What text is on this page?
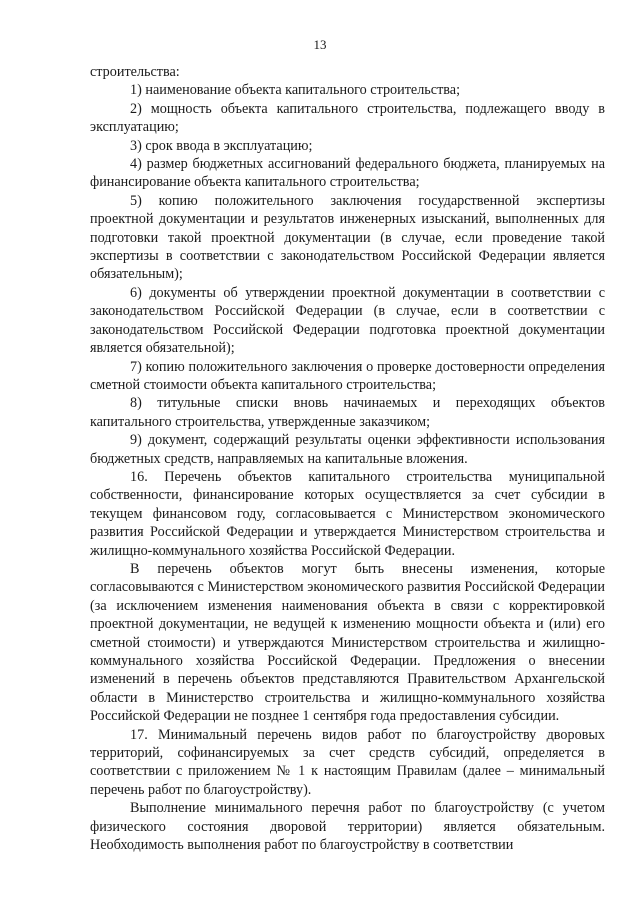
13

строительства:

1) наименование объекта капитального строительства;

2) мощность объекта капитального строительства, подлежащего вводу в эксплуатацию;

3) срок ввода в эксплуатацию;

4) размер бюджетных ассигнований федерального бюджета, планируемых на финансирование объекта капитального строительства;

5) копию положительного заключения государственной экспертизы проектной документации и результатов инженерных изысканий, выполненных для подготовки такой проектной документации (в случае, если проведение такой экспертизы в соответствии с законодательством Российской Федерации является обязательным);

6) документы об утверждении проектной документации в соответствии с законодательством Российской Федерации (в случае, если в соответствии с законодательством Российской Федерации подготовка проектной документации является обязательной);

7) копию положительного заключения о проверке достоверности определения сметной стоимости объекта капитального строительства;

8) титульные списки вновь начинаемых и переходящих объектов капитального строительства, утвержденные заказчиком;

9) документ, содержащий результаты оценки эффективности использования бюджетных средств, направляемых на капитальные вложения.

16. Перечень объектов капитального строительства муниципальной собственности, финансирование которых осуществляется за счет субсидии в текущем финансовом году, согласовывается с Министерством экономического развития Российской Федерации и утверждается Министерством строительства и жилищно-коммунального хозяйства Российской Федерации.

В перечень объектов могут быть внесены изменения, которые согласовываются с Министерством экономического развития Российской Федерации (за исключением изменения наименования объекта в связи с корректировкой проектной документации, не ведущей к изменению мощности объекта и (или) его сметной стоимости) и утверждаются Министерством строительства и жилищно-коммунального хозяйства Российской Федерации. Предложения о внесении изменений в перечень объектов представляются Правительством Архангельской области в Министерство строительства и жилищно-коммунального хозяйства Российской Федерации не позднее 1 сентября года предоставления субсидии.

17. Минимальный перечень видов работ по благоустройству дворовых территорий, софинансируемых за счет средств субсидий, определяется в соответствии с приложением № 1 к настоящим Правилам (далее – минимальный перечень работ по благоустройству).

Выполнение минимального перечня работ по благоустройству (с учетом физического состояния дворовой территории) является обязательным. Необходимость выполнения работ по благоустройству в соответствии
